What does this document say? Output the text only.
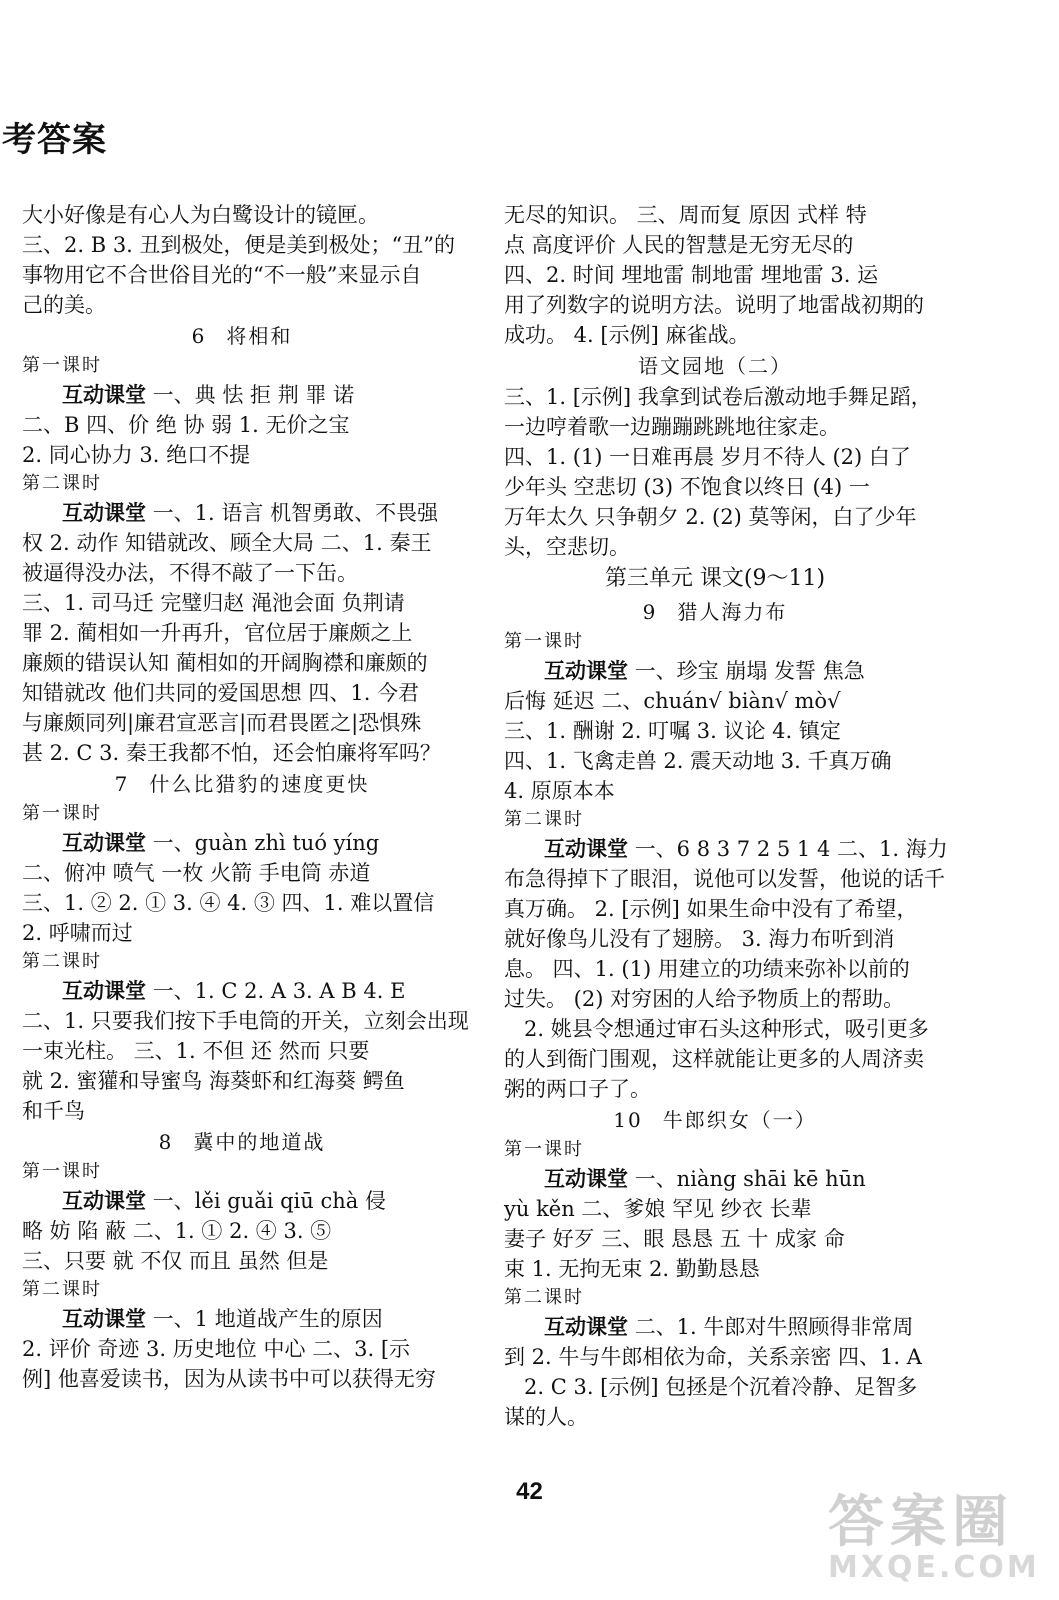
考答案

大小好像是有心人为白鹭设计的镜匣。

三、2. B 3. 丑到极处，便是美到极处；“丑”的

事物用它不合世俗目光的“不一般”来显示自

己的美。

6 将相和

第一课时

互动课堂 一、典 怯 拒 荆 罪 诺

二、B 四、价 绝 协 弱 1. 无价之宝

2. 同心协力 3. 绝口不提

第二课时

互动课堂 一、1. 语言 机智勇敢、不畏强

权 2. 动作 知错就改、顾全大局 二、1. 秦王

被逼得没办法，不得不敲了一下缶。

三、1. 司马迁 完璧归赵 渑池会面 负荆请

罪 2. 蔺相如一升再升，官位居于廉颇之上

廉颇的错误认知 蔺相如的开阔胸襟和廉颇的

知错就改 他们共同的爱国思想 四、1. 今君

与廉颇同列|廉君宣恶言|而君畏匿之|恐惧殊

甚 2. C 3. 秦王我都不怕，还会怕廉将军吗？

7 什么比猎豹的速度更快

第一课时

互动课堂 一、guàn zhì tuó yíng

二、俯冲 喷气 一枚 火箭 手电筒 赤道

三、1. ② 2. ① 3. ④ 4. ③ 四、1. 难以置信

2. 呼啸而过

第二课时

互动课堂 一、1. C 2. A 3. A B 4. E

二、1. 只要我们按下手电筒的开关，立刻会出现

一束光柱。 三、1. 不但 还 然而 只要

就 2. 蜜獾和导蜜鸟 海葵虾和红海葵 鳄鱼

和千鸟

8 冀中的地道战

第一课时

互动课堂 一、lěi guǎi qiū chà 侵

略 妨 陷 蔽 二、1. ① 2. ④ 3. ⑤

三、只要 就 不仅 而且 虽然 但是

第二课时

互动课堂 一、1 地道战产生的原因

2. 评价 奇迹 3. 历史地位 中心 二、3. [示

例] 他喜爱读书，因为从读书中可以获得无穷

无尽的知识。 三、周而复 原因 式样 特

点 高度评价 人民的智慧是无穷无尽的

四、2. 时间 埋地雷 制地雷 埋地雷 3. 运

用了列数字的说明方法。说明了地雷战初期的

成功。 4. [示例] 麻雀战。

语文园地（二）

三、1. [示例] 我拿到试卷后激动地手舞足蹈，

一边哼着歌一边蹦蹦跳跳地往家走。

四、1. (1) 一日难再晨 岁月不待人 (2) 白了

少年头 空悲切 (3) 不饱食以终日 (4) 一

万年太久 只争朝夕 2. (2) 莫等闲，白了少年

头，空悲切。

第三单元 课文(9～11)

9 猎人海力布

第一课时

互动课堂 一、珍宝 崩塌 发誓 焦急

后悔 延迟 二、chuán√ biàn√ mò√

三、1. 酬谢 2. 叮嘱 3. 议论 4. 镇定

四、1. 飞禽走兽 2. 震天动地 3. 千真万确

4. 原原本本

第二课时

互动课堂 一、6 8 3 7 2 5 1 4 二、1. 海力

布急得掉下了眼泪，说他可以发誓，他说的话千

真万确。 2. [示例] 如果生命中没有了希望，

就好像鸟儿没有了翅膀。 3. 海力布听到消

息。 四、1. (1) 用建立的功绩来弥补以前的

过失。 (2) 对穷困的人给予物质上的帮助。

2. 姚县令想通过审石头这种形式，吸引更多

的人到衙门围观，这样就能让更多的人周济卖

粥的两口子了。

10 牛郎织女（一）

第一课时

互动课堂 一、niàng shāi kē hūn

yù kěn 二、爹娘 罕见 纱衣 长辈

妻子 好歹 三、眼 恳恳 五 十 成家 命

束 1. 无拘无束 2. 勤勤恳恳

第二课时

互动课堂 二、1. 牛郎对牛照顾得非常周

到 2. 牛与牛郎相依为命，关系亲密 四、1. A

2. C 3. [示例] 包拯是个沉着冷静、足智多

谋的人。

42	答案圈
MXQE.COM
